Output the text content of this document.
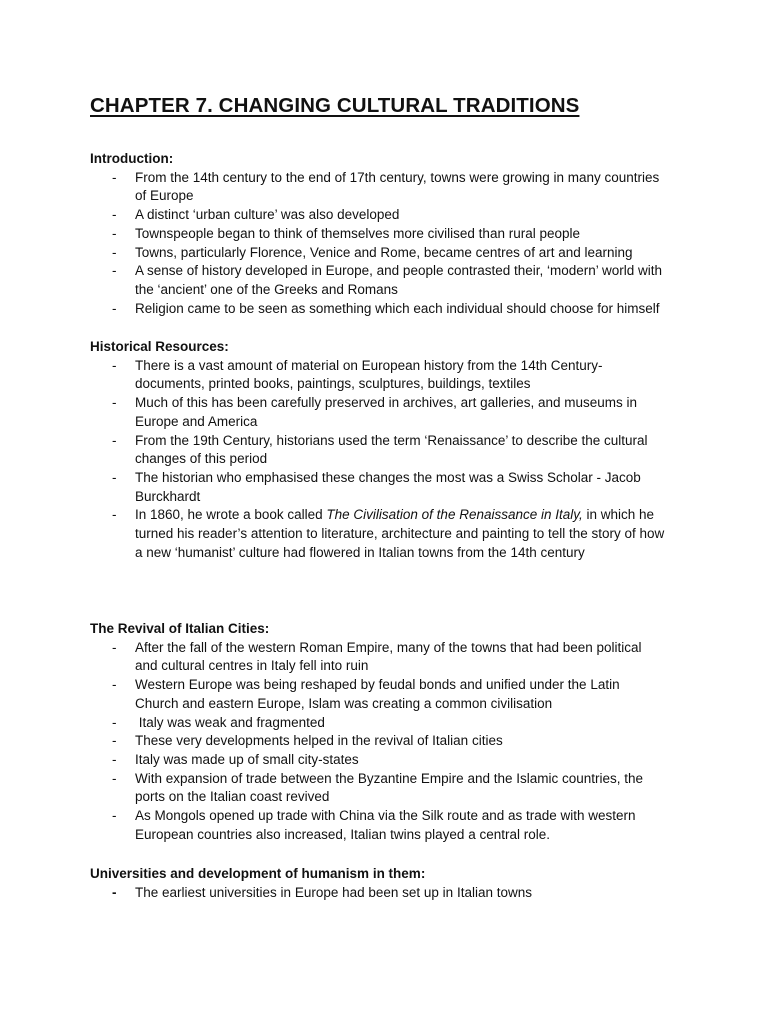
CHAPTER 7. CHANGING CULTURAL TRADITIONS
Introduction:
- From the 14th century to the end of 17th century, towns were growing in many countries
of Europe
- A distinct ‘urban culture’ was also developed
- Townspeople began to think of themselves more civilised than rural people
- Towns, particularly Florence, Venice and Rome, became centres of art and learning
- A sense of history developed in Europe, and people contrasted their, ‘modern’ world with
the ‘ancient’ one of the Greeks and Romans
- Religion came to be seen as something which each individual should choose for himself
Historical Resources:
- There is a vast amount of material on European history from the 14th Century-
documents, printed books, paintings, sculptures, buildings, textiles
- Much of this has been carefully preserved in archives, art galleries, and museums in
Europe and America
- From the 19th Century, historians used the term ‘Renaissance’ to describe the cultural
changes of this period
- The historian who emphasised these changes the most was a Swiss Scholar - Jacob
Burckhardt
- In 1860, he wrote a book called The Civilisation of the Renaissance in Italy, in which he
turned his reader’s attention to literature, architecture and painting to tell the story of how
a new ‘humanist’ culture had flowered in Italian towns from the 14th century
The Revival of Italian Cities:
- After the fall of the western Roman Empire, many of the towns that had been political
and cultural centres in Italy fell into ruin
- Western Europe was being reshaped by feudal bonds and unified under the Latin
Church and eastern Europe, Islam was creating a common civilisation
- Italy was weak and fragmented
- These very developments helped in the revival of Italian cities
- Italy was made up of small city-states
- With expansion of trade between the Byzantine Empire and the Islamic countries, the
ports on the Italian coast revived
- As Mongols opened up trade with China via the Silk route and as trade with western
European countries also increased, Italian twins played a central role.
Universities and development of humanism in them:
- The earliest universities in Europe had been set up in Italian towns
